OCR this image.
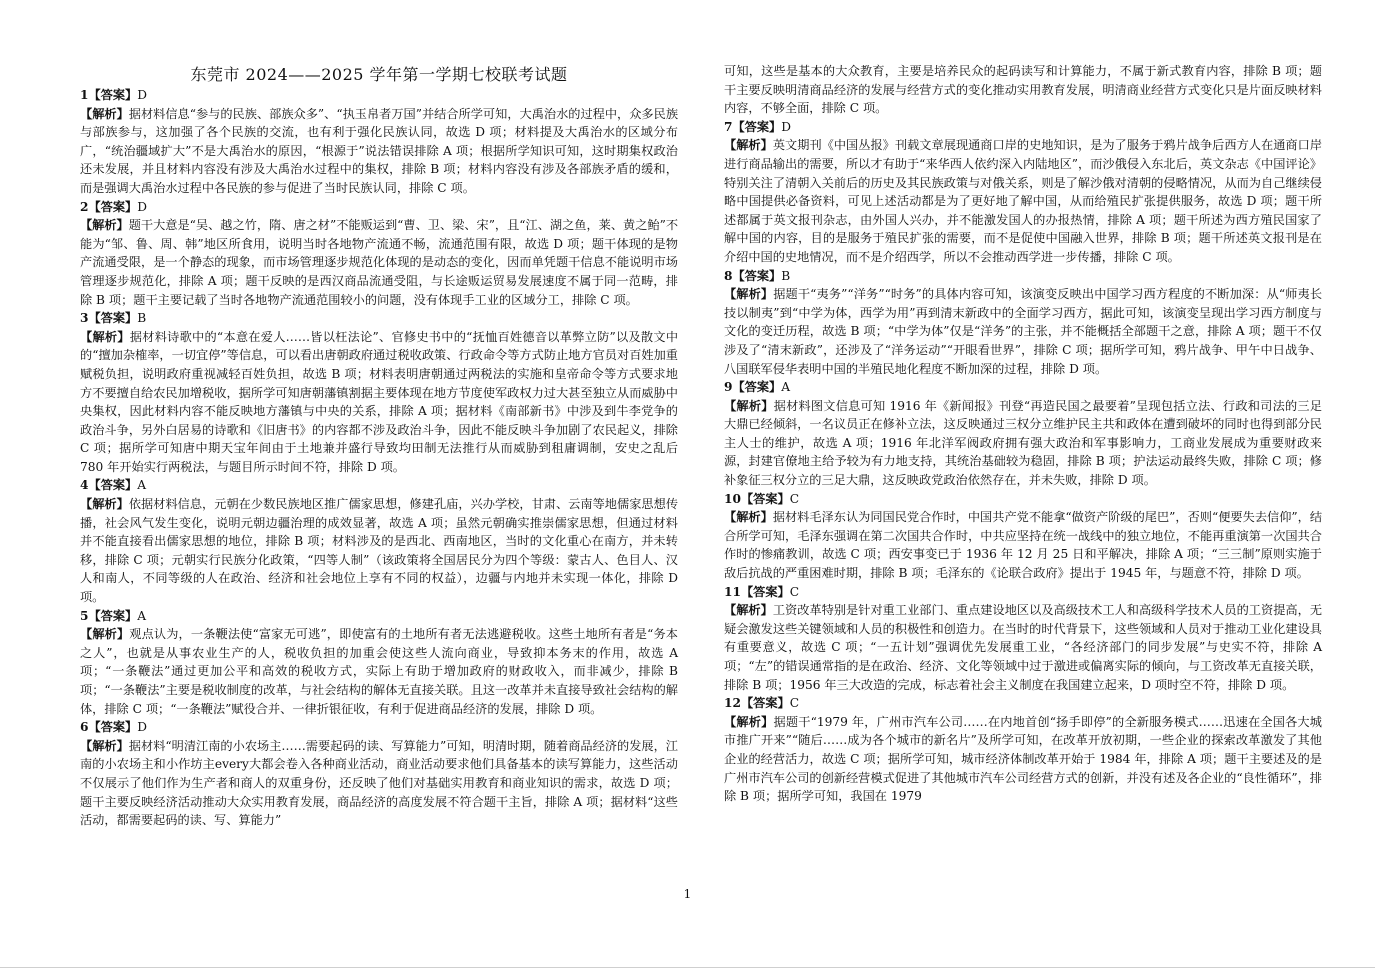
东莞市 2024——2025 学年第一学期七校联考试题

1【答案】D

【解析】据材料信息“参与的民族、部族众多”、“执玉帛者万国”并结合所学可知，大禹治水的过程中，众多民族与部族参与，这加强了各个民族的交流，也有利于强化民族认同，故选 D 项；材料提及大禹治水的区域分布广，“统治疆域扩大”不是大禹治水的原因，“根源于”说法错误排除 A 项；根据所学知识可知，这时期集权政治还未发展，并且材料内容没有涉及大禹治水过程中的集权，排除 B 项；材料内容没有涉及各部族矛盾的缓和，而是强调大禹治水过程中各民族的参与促进了当时民族认同，排除 C 项。

2【答案】D

【解析】题干大意是“吴、越之竹，隋、唐之材”不能贩运到“曹、卫、梁、宋”，且“江、湖之鱼，莱、黄之鲐”不能为“邹、鲁、周、韩”地区所食用，说明当时各地物产流通不畅，流通范围有限，故选 D 项；题干体现的是物产流通受限，是一个静态的现象，而市场管理逐步规范化体现的是动态的变化，因而单凭题干信息不能说明市场管理逐步规范化，排除 A 项；题干反映的是西汉商品流通受阻，与长途贩运贸易发展速度不属于同一范畴，排除 B 项；题干主要记载了当时各地物产流通范围较小的问题，没有体现手工业的区域分工，排除 C 项。

3【答案】B

【解析】据材料诗歌中的“本意在爱人……皆以枉法论”、官修史书中的“抚恤百姓德音以革弊立防”以及散文中的“擅加杂榷率，一切宜停”等信息，可以看出唐朝政府通过税收政策、行政命令等方式防止地方官员对百姓加重赋税负担，说明政府重视减轻百姓负担，故选 B 项；材料表明唐朝通过两税法的实施和皇帝命令等方式要求地方不要擅自给农民加增税收，据所学可知唐朝藩镇割据主要体现在地方节度使军政权力过大甚至独立从而威胁中央集权，因此材料内容不能反映地方藩镇与中央的关系，排除 A 项；据材料《南部新书》中涉及到牛李党争的政治斗争，另外白居易的诗歌和《旧唐书》的内容都不涉及政治斗争，因此不能反映斗争加剧了农民起义，排除 C 项；据所学可知唐中期天宝年间由于土地兼并盛行导致均田制无法推行从而威胁到租庸调制，安史之乱后 780 年开始实行两税法，与题目所示时间不符，排除 D 项。

4【答案】A

【解析】依据材料信息，元朝在少数民族地区推广儒家思想，修建孔庙，兴办学校，甘肃、云南等地儒家思想传播，社会风气发生变化，说明元朝边疆治理的成效显著，故选 A 项；虽然元朝确实推崇儒家思想，但通过材料并不能直接看出儒家思想的地位，排除 B 项；材料涉及的是西北、西南地区，当时的文化重心在南方，并未转移，排除 C 项；元朝实行民族分化政策，“四等人制”（该政策将全国居民分为四个等级：蒙古人、色目人、汉人和南人，不同等级的人在政治、经济和社会地位上享有不同的权益），边疆与内地并未实现一体化，排除 D 项。

5【答案】A

【解析】观点认为，一条鞭法使“富家无可逃”，即使富有的土地所有者无法逃避税收。这些土地所有者是“务本之人”，也就是从事农业生产的人，税收负担的加重会使这些人流向商业，导致抑本务末的作用，故选 A 项；“一条鞭法”通过更加公平和高效的税收方式，实际上有助于增加政府的财政收入，而非减少，排除 B 项；“一条鞭法”主要是税收制度的改革，与社会结构的解体无直接关联。且这一改革并未直接导致社会结构的解体，排除 C 项；“一条鞭法”赋役合并、一律折银征收，有利于促进商品经济的发展，排除 D 项。

6【答案】D

【解析】据材料“明清江南的小农场主……需要起码的读、写算能力”可知，明清时期，随着商品经济的发展，江南的小农场主和小作坊主every大都会卷入各种商业活动，商业活动要求他们具备基本的读写算能力，这些活动不仅展示了他们作为生产者和商人的双重身份，还反映了他们对基础实用教育和商业知识的需求，故选 D 项；题干主要反映经济活动推动大众实用教育发展，商品经济的高度发展不符合题干主旨，排除 A 项；据材料“这些活动，都需要起码的读、写、算能力”

可知，这些是基本的大众教育，主要是培养民众的起码读写和计算能力，不属于新式教育内容，排除 B 项；题干主要反映明清商品经济的发展与经营方式的变化推动实用教育发展，明清商业经营方式变化只是片面反映材料内容，不够全面，排除 C 项。

7【答案】D

【解析】英文期刊《中国丛报》刊载文章展现通商口岸的史地知识，是为了服务于鸦片战争后西方人在通商口岸进行商品输出的需要，所以才有助于“来华西人依约深入内陆地区”，而沙俄侵入东北后，英文杂志《中国评论》特别关注了清朝入关前后的历史及其民族政策与对俄关系，则是了解沙俄对清朝的侵略情况，从而为自己继续侵略中国提供必备资料，可见上述活动都是为了更好地了解中国，从而给殖民扩张提供服务，故选 D 项；题干所述都属于英文报刊杂志，由外国人兴办，并不能激发国人的办报热情，排除 A 项；题干所述为西方殖民国家了解中国的内容，目的是服务于殖民扩张的需要，而不是促使中国融入世界，排除 B 项；题干所述英文报刊是在介绍中国的史地情况，而不是介绍西学，所以不会推动西学进一步传播，排除 C 项。

8【答案】B

【解析】据题干“夷务”“洋务”“时务”的具体内容可知，该演变反映出中国学习西方程度的不断加深：从“师夷长技以制夷”到“中学为体，西学为用”再到清末新政中的全面学习西方，据此可知，该演变呈现出学习西方制度与文化的变迁历程，故选 B 项；“中学为体”仅是“洋务”的主张，并不能概括全部题干之意，排除 A 项；题干不仅涉及了“清末新政”，还涉及了“洋务运动”“开眼看世界”，排除 C 项；据所学可知，鸦片战争、甲午中日战争、八国联军侵华表明中国的半殖民地化程度不断加深的过程，排除 D 项。

9【答案】A

【解析】据材料图文信息可知 1916 年《新闻报》刊登“再造民国之最要着”呈现包括立法、行政和司法的三足大鼎已经倾斜，一名议员正在修补立法，这反映通过三权分立维护民主共和政体在遭到破坏的同时也得到部分民主人士的维护，故选 A 项；1916 年北洋军阀政府拥有强大政治和军事影响力，工商业发展成为重要财政来源，封建官僚地主给予较为有力地支持，其统治基础较为稳固，排除 B 项；护法运动最终失败，排除 C 项；修补象征三权分立的三足大鼎，这反映政党政治依然存在，并未失败，排除 D 项。

10【答案】C

【解析】据材料毛泽东认为同国民党合作时，中国共产党不能拿“做资产阶级的尾巴”，否则“便要失去信仰”，结合所学可知，毛泽东强调在第二次国共合作时，中共应坚持在统一战线中的独立地位，不能再重演第一次国共合作时的惨痛教训，故选 C 项；西安事变已于 1936 年 12 月 25 日和平解决，排除 A 项；“三三制”原则实施于敌后抗战的严重困难时期，排除 B 项；毛泽东的《论联合政府》提出于 1945 年，与题意不符，排除 D 项。

11【答案】C

【解析】工资改革特别是针对重工业部门、重点建设地区以及高级技术工人和高级科学技术人员的工资提高，无疑会激发这些关键领域和人员的积极性和创造力。在当时的时代背景下，这些领域和人员对于推动工业化建设具有重要意义，故选 C 项；“一五计划”强调优先发展重工业，“各经济部门的同步发展”与史实不符，排除 A 项；“左”的错误通常指的是在政治、经济、文化等领域中过于激进或偏离实际的倾向，与工资改革无直接关联，排除 B 项；1956 年三大改造的完成，标志着社会主义制度在我国建立起来，D 项时空不符，排除 D 项。

12【答案】C

【解析】据题干“1979 年，广州市汽车公司……在内地首创“扬手即停”的全新服务模式……迅速在全国各大城市推广开来”“随后……成为各个城市的新名片”及所学可知，在改革开放初期，一些企业的探索改革激发了其他企业的经营活力，故选 C 项；据所学可知，城市经济体制改革开始于 1984 年，排除 A 项；题干主要述及的是广州市汽车公司的创新经营模式促进了其他城市汽车公司经营方式的创新，并没有述及各企业的“良性循环”，排除 B 项；据所学可知，我国在 1979

1
